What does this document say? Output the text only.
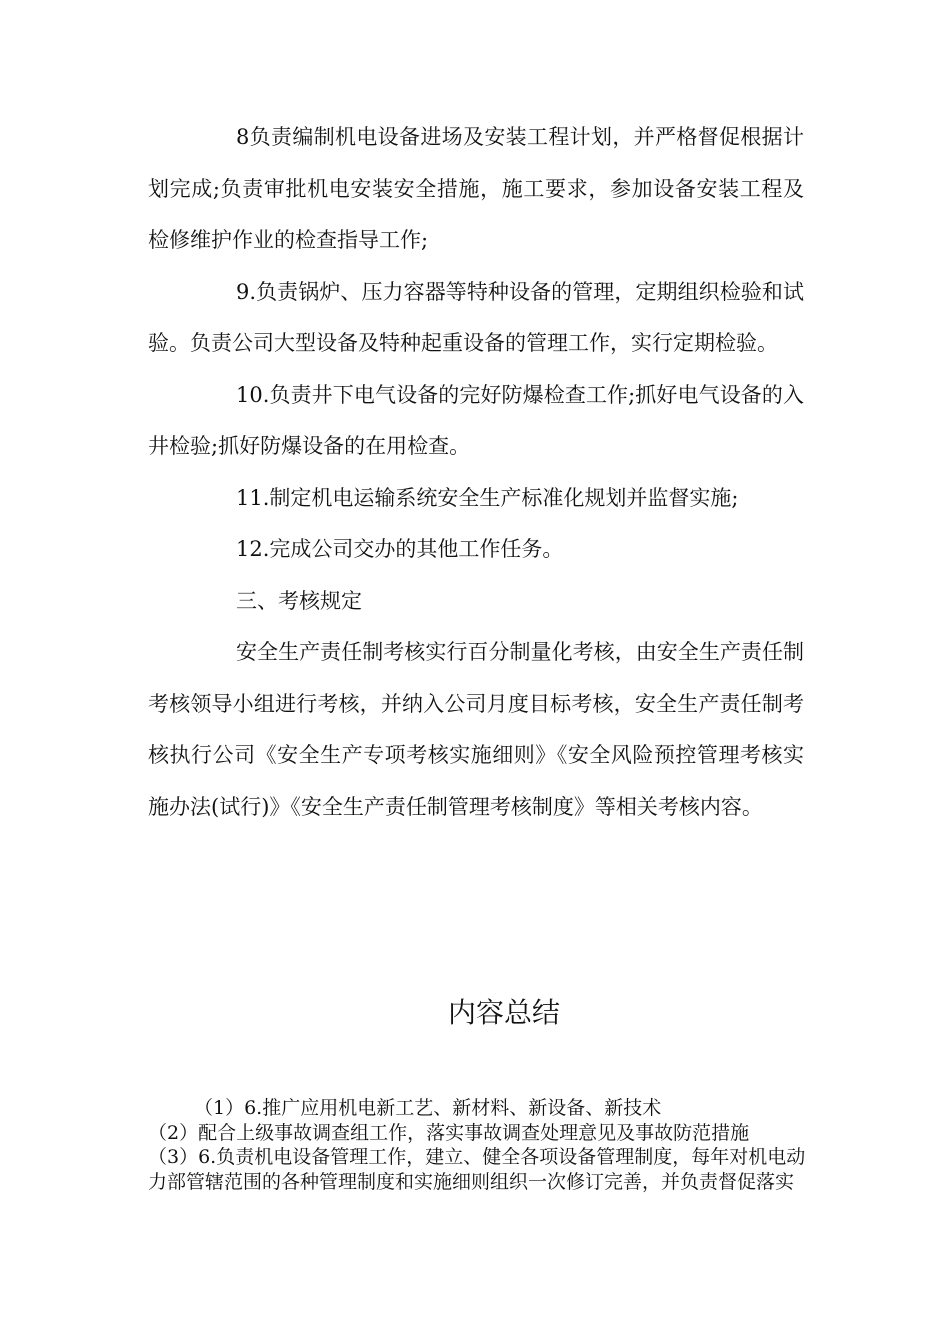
8负责编制机电设备进场及安装工程计划，并严格督促根据计划完成;负责审批机电安装安全措施，施工要求，参加设备安装工程及检修维护作业的检查指导工作;

9.负责锅炉、压力容器等特种设备的管理，定期组织检验和试验。负责公司大型设备及特种起重设备的管理工作，实行定期检验。

10.负责井下电气设备的完好防爆检查工作;抓好电气设备的入井检验;抓好防爆设备的在用检查。

11.制定机电运输系统安全生产标准化规划并监督实施;

12.完成公司交办的其他工作任务。

三、考核规定

安全生产责任制考核实行百分制量化考核，由安全生产责任制考核领导小组进行考核，并纳入公司月度目标考核，安全生产责任制考核执行公司《安全生产专项考核实施细则》《安全风险预控管理考核实施办法(试行)》《安全生产责任制管理考核制度》等相关考核内容。

内容总结

（1）6.推广应用机电新工艺、新材料、新设备、新技术

（2）配合上级事故调查组工作，落实事故调查处理意见及事故防范措施

（3）6.负责机电设备管理工作，建立、健全各项设备管理制度，每年对机电动力部管辖范围的各种管理制度和实施细则组织一次修订完善，并负责督促落实
